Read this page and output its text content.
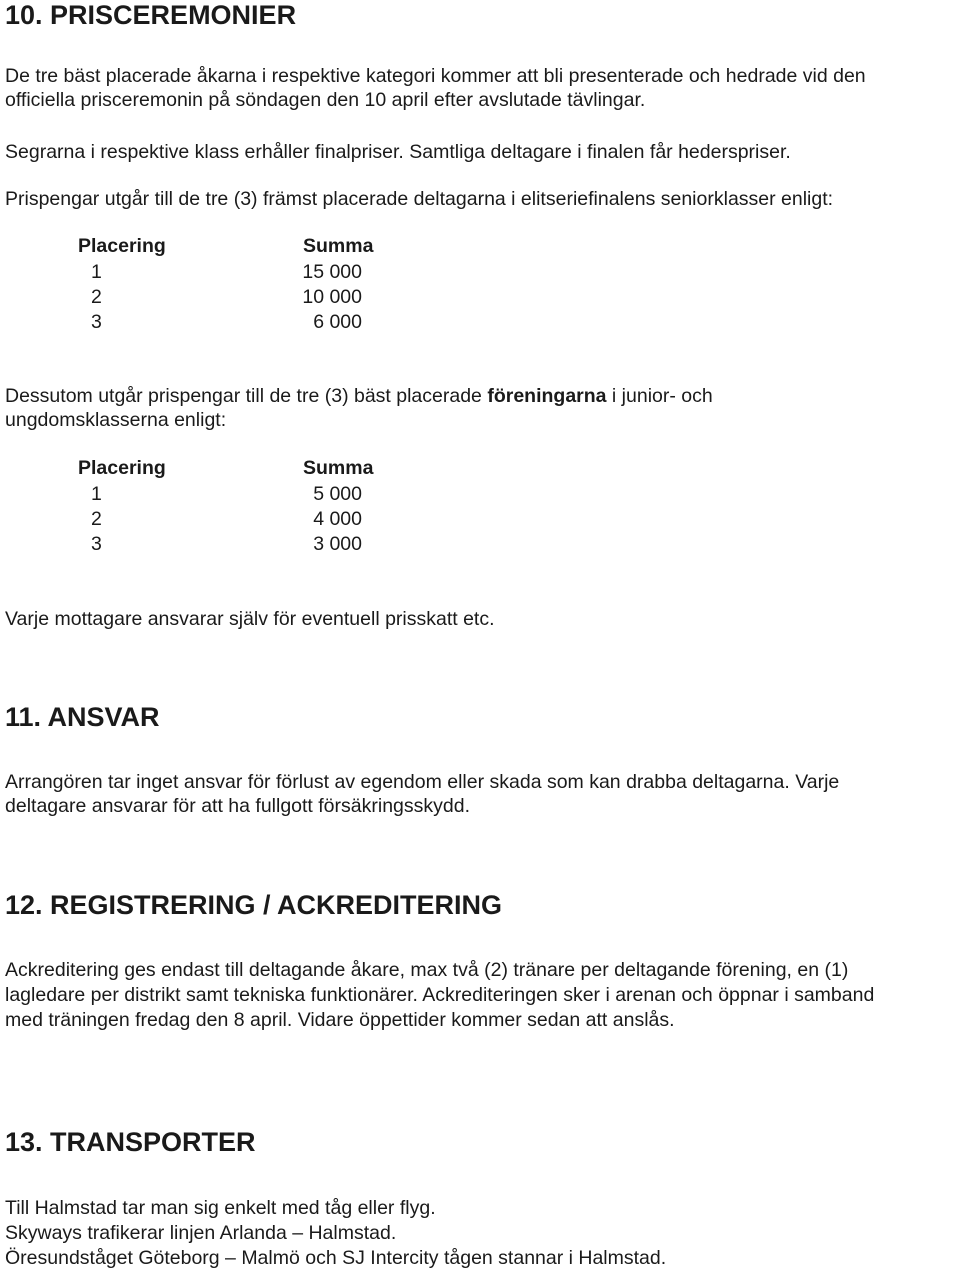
10. PRISCEREMONIER
De tre bäst placerade åkarna i respektive kategori kommer att bli presenterade och hedrade vid den
officiella prisceremonin på söndagen den 10 april efter avslutade tävlingar.
Segrarna i respektive klass erhåller finalpriser. Samtliga deltagare i finalen får hederspriser.
Prispengar utgår till de tre (3) främst placerade deltagarna i elitseriefinalens seniorklasser enligt:
Placering	Summa
1	15 000
2	10 000
3	6 000
Dessutom utgår prispengar till de tre (3) bäst placerade föreningarna i junior- och
ungdomsklasserna enligt:
Placering	Summa
1	5 000
2	4 000
3	3 000
Varje mottagare ansvarar själv för eventuell prisskatt etc.
11. ANSVAR
Arrangören tar inget ansvar för förlust av egendom eller skada som kan drabba deltagarna. Varje
deltagare ansvarar för att ha fullgott försäkringsskydd.
12. REGISTRERING / ACKREDITERING
Ackreditering ges endast till deltagande åkare, max två (2) tränare per deltagande förening, en (1)
lagledare per distrikt samt tekniska funktionärer. Ackrediteringen sker i arenan och öppnar i samband
med träningen fredag den 8 april. Vidare öppettider kommer sedan att anslås.
13. TRANSPORTER
Till Halmstad tar man sig enkelt med tåg eller flyg.
Skyways trafikerar linjen Arlanda – Halmstad.
Öresundståget Göteborg – Malmö och SJ Intercity tågen stannar i Halmstad.
